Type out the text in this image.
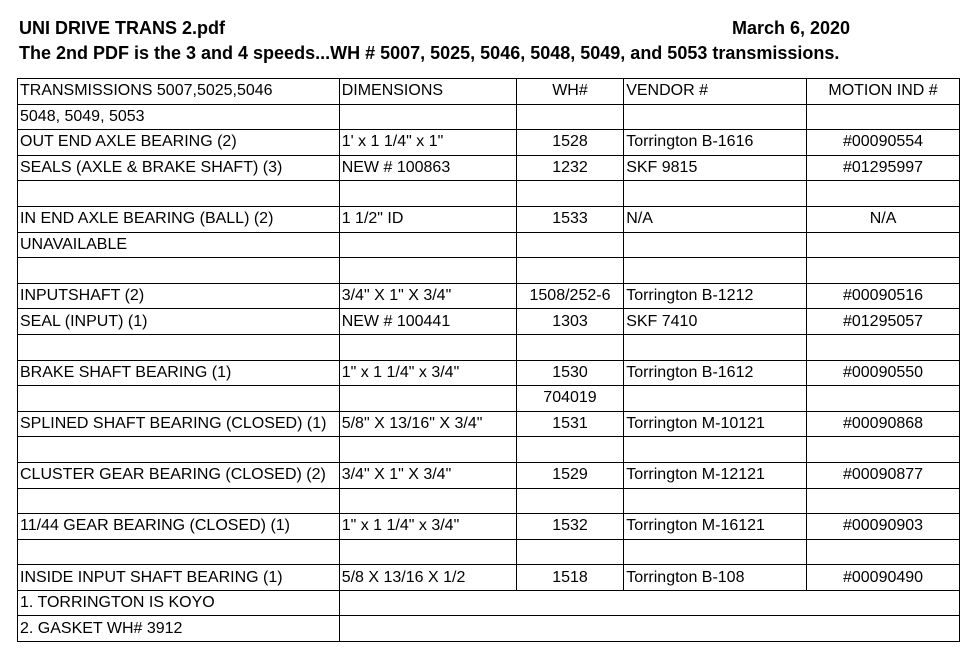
UNI DRIVE TRANS 2.pdf	March 6, 2020
The 2nd PDF is the 3 and 4 speeds...WH # 5007, 5025, 5046, 5048, 5049, and 5053 transmissions.
TRANSMISSIONS 5007,5025,5046	DIMENSIONS	WH#	VENDOR #	MOTION IND #
5048, 5049, 5053				
OUT END AXLE BEARING (2)	1' x 1 1/4" x 1"	1528	Torrington B-1616	#00090554
SEALS (AXLE & BRAKE SHAFT) (3)	NEW # 100863	1232	SKF 9815	#01295997

IN END AXLE BEARING (BALL) (2)	1 1/2" ID	1533	N/A	N/A
UNAVAILABLE				

INPUTSHAFT (2)	3/4" X 1" X 3/4"	1508/252-6	Torrington B-1212	#00090516
SEAL (INPUT) (1)	NEW # 100441	1303	SKF 7410	#01295057

BRAKE SHAFT BEARING (1)	1" x 1 1/4" x 3/4"	1530	Torrington B-1612	#00090550
		704019		
SPLINED SHAFT BEARING (CLOSED) (1)	5/8" X 13/16" X 3/4"	1531	Torrington M-10121	#00090868

CLUSTER GEAR BEARING (CLOSED) (2)	3/4" X 1" X 3/4"	1529	Torrington M-12121	#00090877

11/44 GEAR BEARING (CLOSED) (1)	1" x 1 1/4" x 3/4"	1532	Torrington M-16121	#00090903

INSIDE INPUT SHAFT BEARING (1)	5/8 X 13/16 X 1/2	1518	Torrington B-108	#00090490
1. TORRINGTON IS KOYO				
2. GASKET WH# 3912				
